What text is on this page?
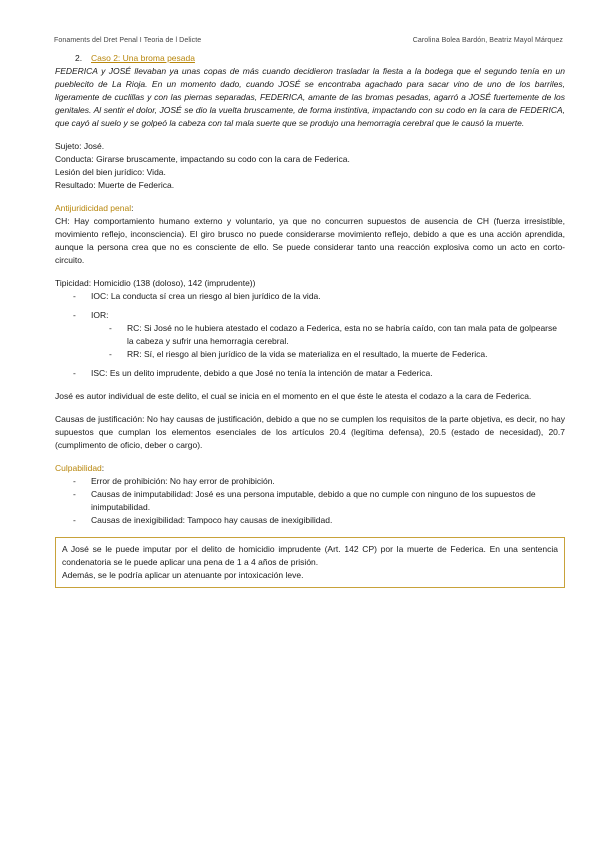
Fonaments del Dret Penal I Teoria de l Delicte	Carolina Bolea Bardón, Beatriz Mayol Márquez
2. Caso 2: Una broma pesada

FEDERICA y JOSÉ llevaban ya unas copas de más cuando decidieron trasladar la fiesta a la bodega que el segundo tenía en un pueblecito de La Rioja. En un momento dado, cuando JOSÉ se encontraba agachado para sacar vino de uno de los barriles, ligeramente de cuclillas y con las piernas separadas, FEDERICA, amante de las bromas pesadas, agarró a JOSÉ fuertemente de los genitales. Al sentir el dolor, JOSÉ se dio la vuelta bruscamente, de forma instintiva, impactando con su codo en la cara de FEDERICA, que cayó al suelo y se golpeó la cabeza con tal mala suerte que se produjo una hemorragia cerebral que le causó la muerte.

Sujeto: José.

Conducta: Girarse bruscamente, impactando su codo con la cara de Federica.

Lesión del bien jurídico: Vida.

Resultado: Muerte de Federica.

Antijuridicidad penal:

CH: Hay comportamiento humano externo y voluntario, ya que no concurren supuestos de ausencia de CH (fuerza irresistible, movimiento reflejo, inconsciencia). El giro brusco no puede considerarse movimiento reflejo, debido a que es una acción aprendida, aunque la persona crea que no es consciente de ello. Se puede considerar tanto una reacción explosiva como un acto en corto-circuito.

Tipicidad: Homicidio (138 (doloso), 142 (imprudente))

- IOC: La conducta sí crea un riesgo al bien jurídico de la vida.
- IOR:
- RC: Si José no le hubiera atestado el codazo a Federica, esta no se habría caído, con tan mala pata de golpearse la cabeza y sufrir una hemorragia cerebral.
- RR: Sí, el riesgo al bien jurídico de la vida se materializa en el resultado, la muerte de Federica.
- ISC: Es un delito imprudente, debido a que José no tenía la intención de matar a Federica.

José es autor individual de este delito, el cual se inicia en el momento en el que éste le atesta el codazo a la cara de Federica.

Causas de justificación: No hay causas de justificación, debido a que no se cumplen los requisitos de la parte objetiva, es decir, no hay supuestos que cumplan los elementos esenciales de los artículos 20.4 (legítima defensa), 20.5 (estado de necesidad), 20.7 (cumplimento de oficio, deber o cargo).

Culpabilidad:

- Error de prohibición: No hay error de prohibición.
- Causas de inimputabilidad: José es una persona imputable, debido a que no cumple con ninguno de los supuestos de inimputabilidad.
- Causas de inexigibilidad: Tampoco hay causas de inexigibilidad.

A José se le puede imputar por el delito de homicidio imprudente (Art. 142 CP) por la muerte de Federica. En una sentencia condenatoria se le puede aplicar una pena de 1 a 4 años de prisión.

Además, se le podría aplicar un atenuante por intoxicación leve.
